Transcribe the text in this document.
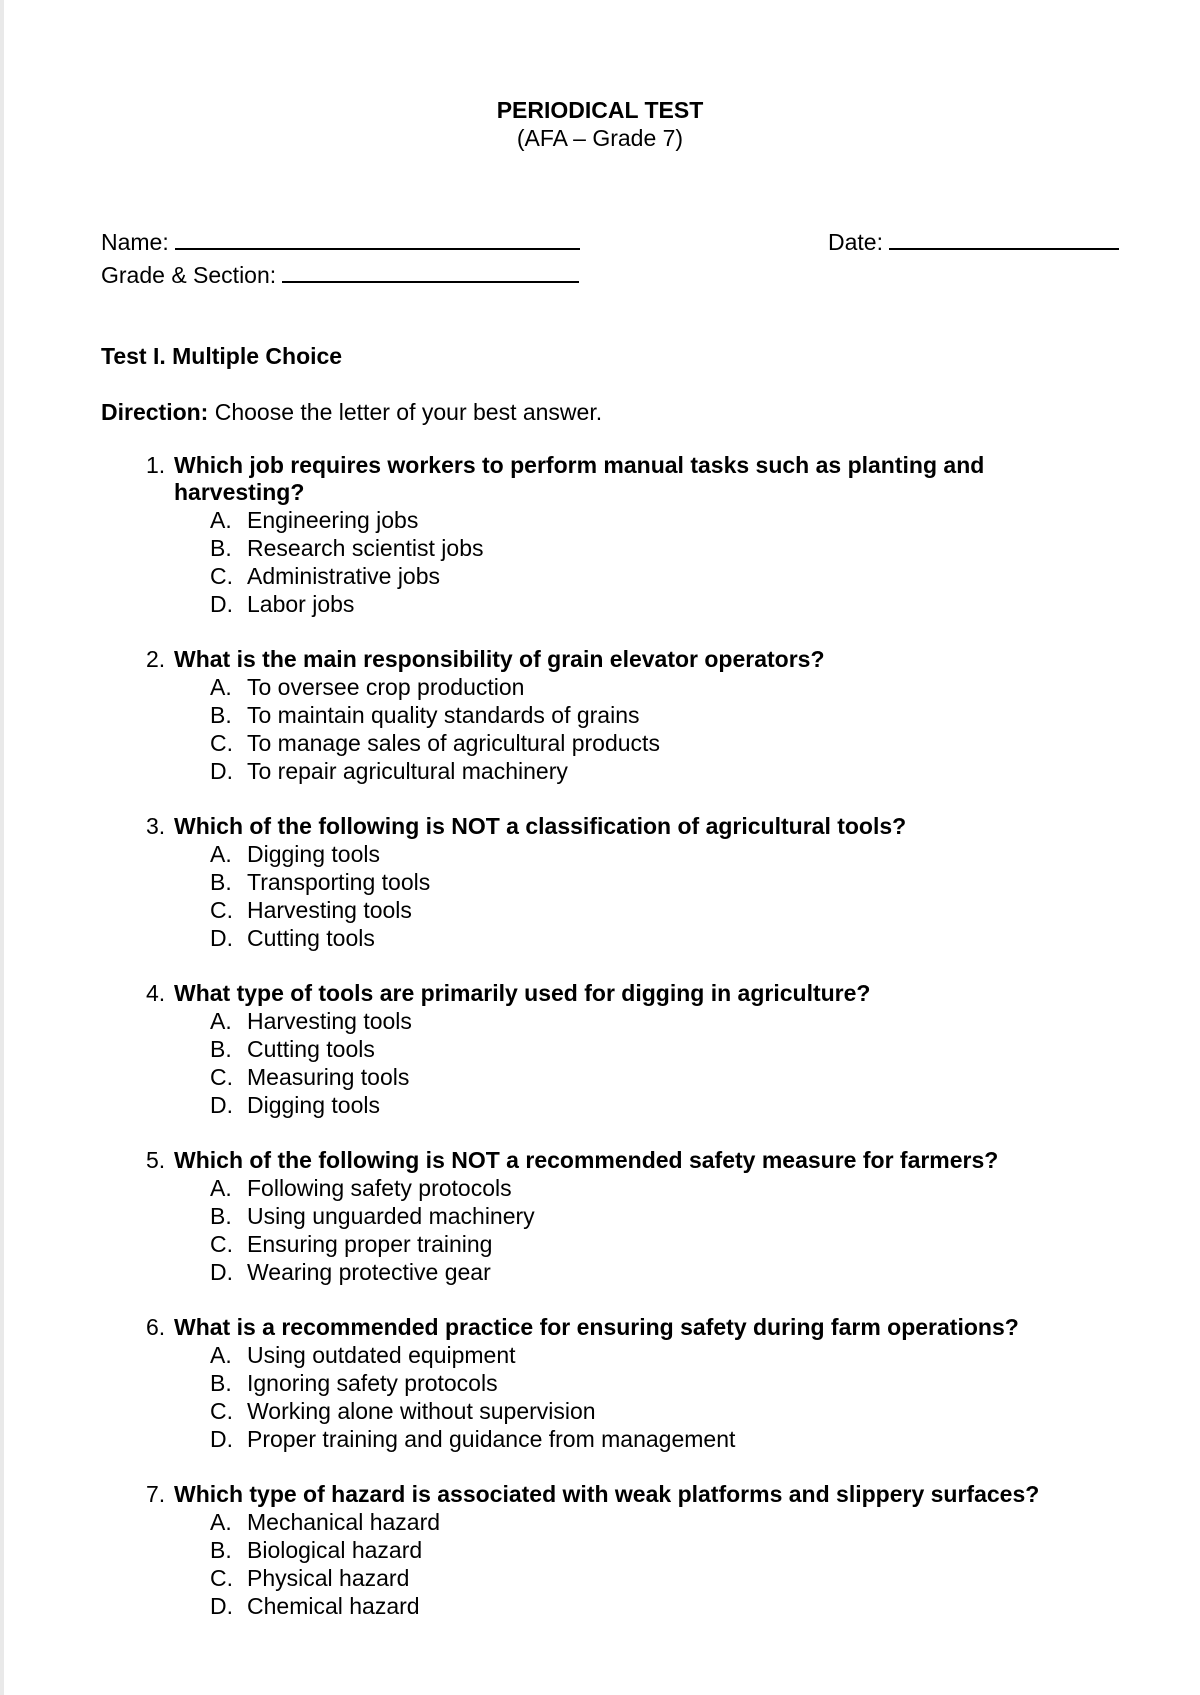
PERIODICAL TEST
(AFA – Grade 7)
Name:	Date:
Grade & Section:
Test I. Multiple Choice
Direction: Choose the letter of your best answer.
1. Which job requires workers to perform manual tasks such as planting and harvesting?
A. Engineering jobs
B. Research scientist jobs
C. Administrative jobs
D. Labor jobs
2. What is the main responsibility of grain elevator operators?
A. To oversee crop production
B. To maintain quality standards of grains
C. To manage sales of agricultural products
D. To repair agricultural machinery
3. Which of the following is NOT a classification of agricultural tools?
A. Digging tools
B. Transporting tools
C. Harvesting tools
D. Cutting tools
4. What type of tools are primarily used for digging in agriculture?
A. Harvesting tools
B. Cutting tools
C. Measuring tools
D. Digging tools
5. Which of the following is NOT a recommended safety measure for farmers?
A. Following safety protocols
B. Using unguarded machinery
C. Ensuring proper training
D. Wearing protective gear
6. What is a recommended practice for ensuring safety during farm operations?
A. Using outdated equipment
B. Ignoring safety protocols
C. Working alone without supervision
D. Proper training and guidance from management
7. Which type of hazard is associated with weak platforms and slippery surfaces?
A. Mechanical hazard
B. Biological hazard
C. Physical hazard
D. Chemical hazard
